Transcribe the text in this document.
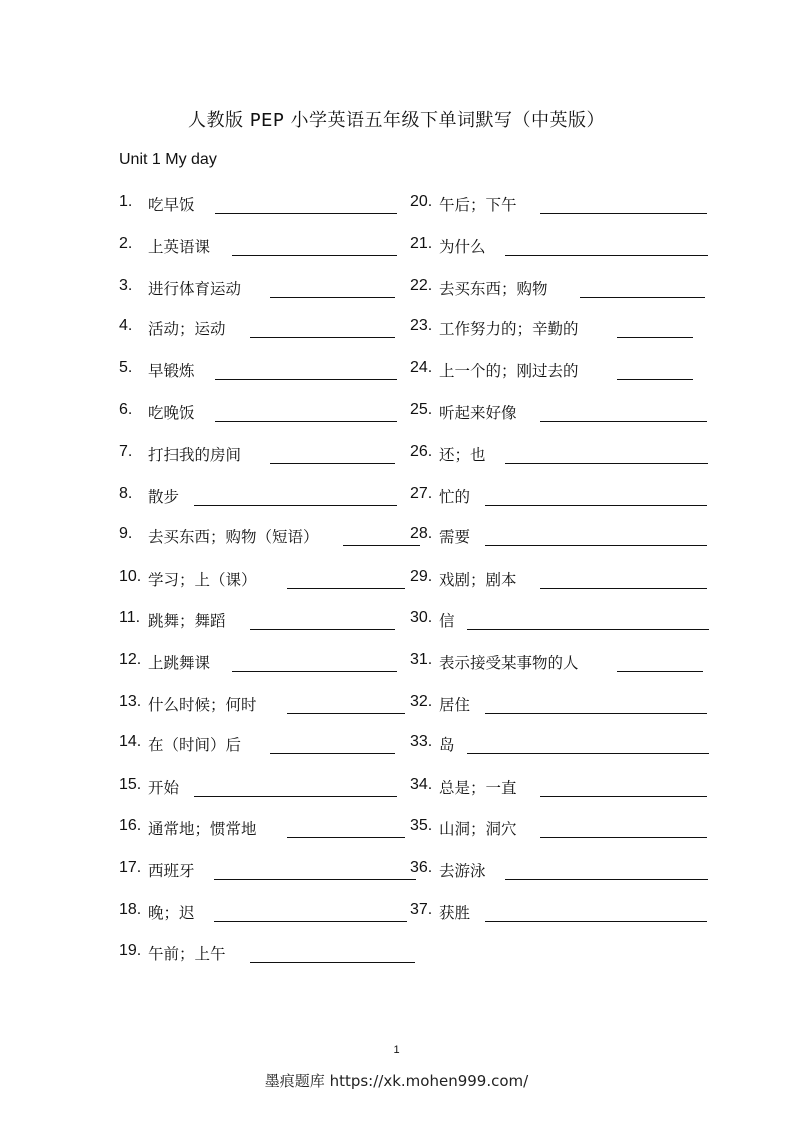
人教版 PEP 小学英语五年级下单词默写（中英版）
Unit 1 My day
1. 吃早饭
2. 上英语课
3. 进行体育运动
4. 活动；运动
5. 早锻炼
6. 吃晚饭
7. 打扫我的房间
8. 散步
9. 去买东西；购物（短语）
10. 学习；上（课）
11. 跳舞；舞蹈
12. 上跳舞课
13. 什么时候；何时
14. 在（时间）后
15. 开始
16. 通常地；惯常地
17. 西班牙
18. 晚；迟
19. 午前；上午
20. 午后；下午
21. 为什么
22. 去买东西；购物
23. 工作努力的；辛勤的
24. 上一个的；刚过去的
25. 听起来好像
26. 还；也
27. 忙的
28. 需要
29. 戏剧；剧本
30. 信
31. 表示接受某事物的人
32. 居住
33. 岛
34. 总是；一直
35. 山洞；洞穴
36. 去游泳
37. 获胜
1
墨痕题库 https://xk.mohen999.com/
